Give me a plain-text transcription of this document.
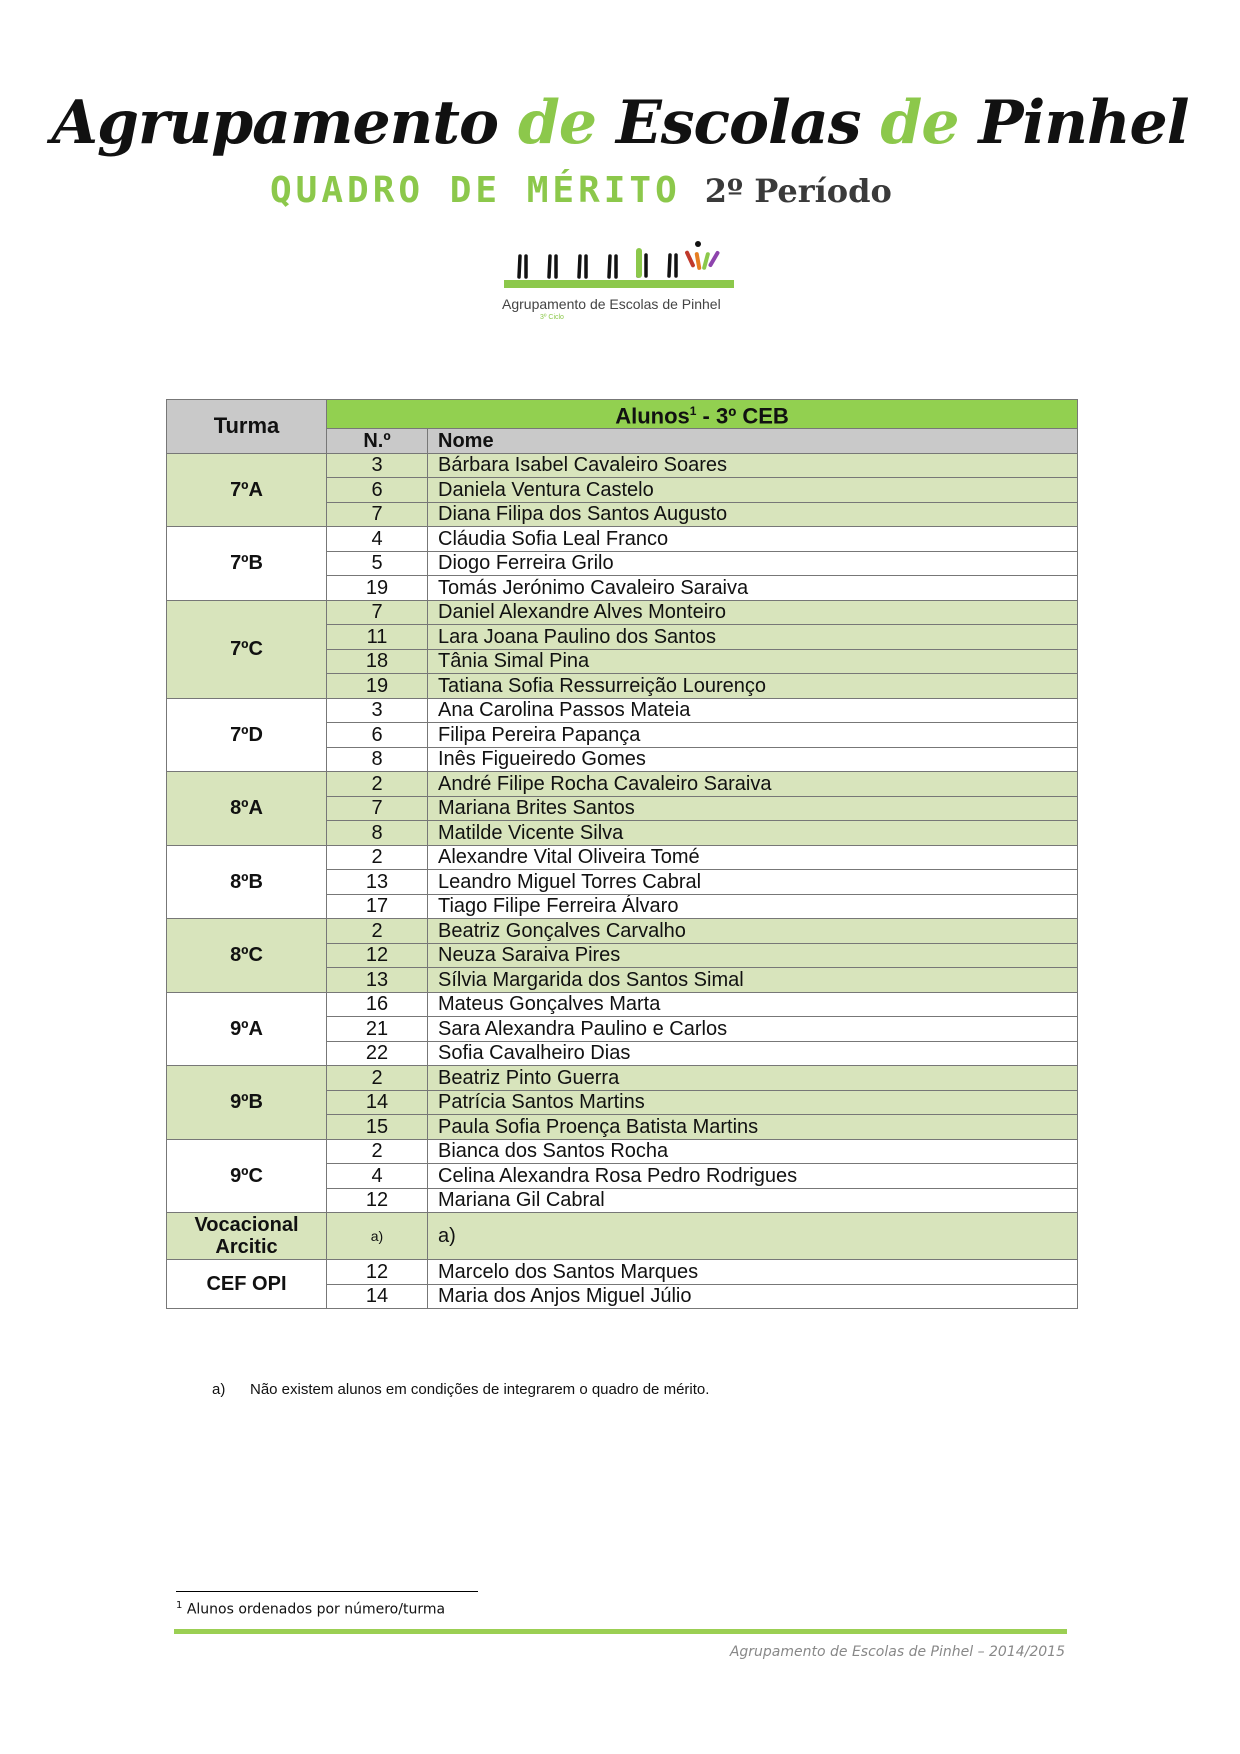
Agrupamento de Escolas de Pinhel
QUADRO DE MÉRITO 2º Período
Agrupamento de Escolas de Pinhel
3º Ciclo
Turma	Alunos$^1$ - 3º CEB	
	N.º	Nome
7ºA	3	Bárbara Isabel Cavaleiro Soares
	6	Daniela Ventura Castelo
	7	Diana Filipa dos Santos Augusto
7ºB	4	Cláudia Sofia Leal Franco
	5	Diogo Ferreira Grilo
	19	Tomás Jerónimo Cavaleiro Saraiva
7ºC	7	Daniel Alexandre Alves Monteiro
	11	Lara Joana Paulino dos Santos
	18	Tânia Simal Pina
	19	Tatiana Sofia Ressurreição Lourenço
7ºD	3	Ana Carolina Passos Mateia
	6	Filipa Pereira Papança
	8	Inês Figueiredo Gomes
8ºA	2	André Filipe Rocha Cavaleiro Saraiva
	7	Mariana Brites Santos
	8	Matilde Vicente Silva
8ºB	2	Alexandre Vital Oliveira Tomé
	13	Leandro Miguel Torres Cabral
	17	Tiago Filipe Ferreira Álvaro
8ºC	2	Beatriz Gonçalves Carvalho
	12	Neuza Saraiva Pires
	13	Sílvia Margarida dos Santos Simal
9ºA	16	Mateus Gonçalves Marta
	21	Sara Alexandra Paulino e Carlos
	22	Sofia Cavalheiro Dias
9ºB	2	Beatriz Pinto Guerra
	14	Patrícia Santos Martins
	15	Paula Sofia Proença Batista Martins
9ºC	2	Bianca dos Santos Rocha
	4	Celina Alexandra Rosa Pedro Rodrigues
	12	Mariana Gil Cabral
Vocacional Arcitic	a)	a)
CEF OPI	12	Marcelo dos Santos Marques
	14	Maria dos Anjos Miguel Júlio
a) Não existem alunos em condições de integrarem o quadro de mérito.
$^1$ Alunos ordenados por número/turma
Agrupamento de Escolas de Pinhel – 2014/2015
